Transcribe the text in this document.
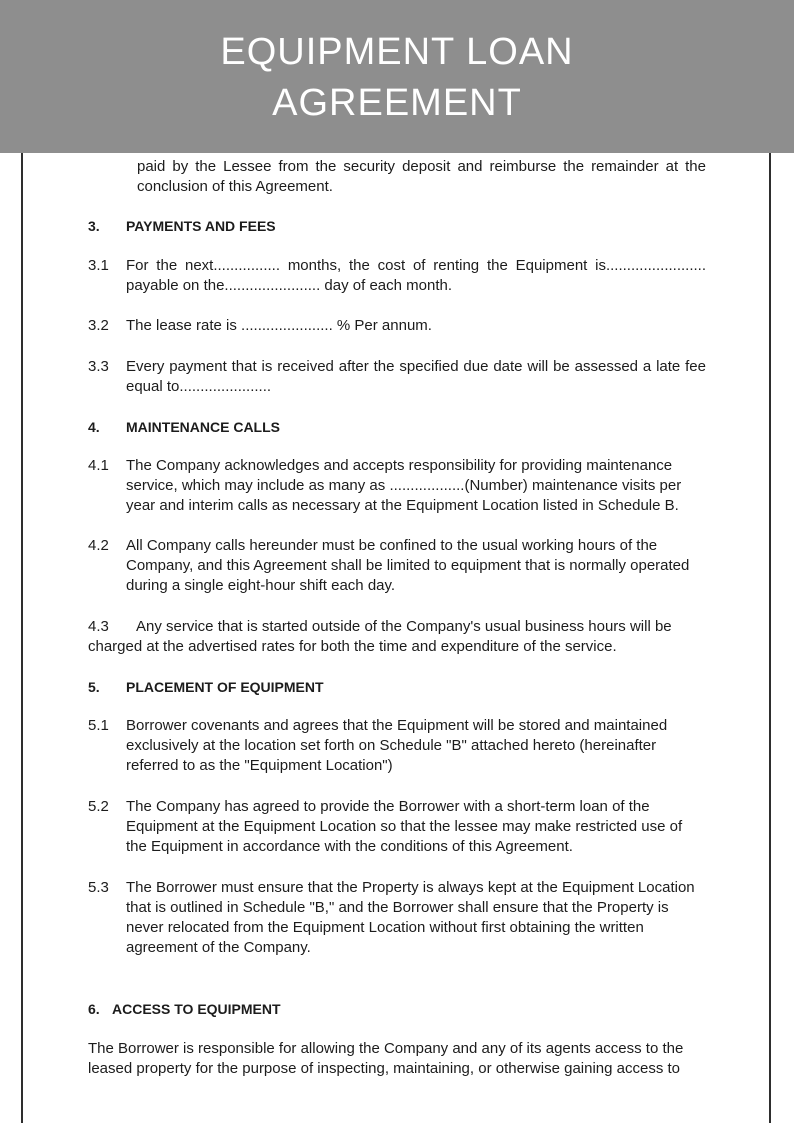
EQUIPMENT LOAN
AGREEMENT
paid by the Lessee from the security deposit and reimburse the remainder at the
conclusion of this Agreement.
3. PAYMENTS AND FEES
3.1 For the next................ months, the cost of renting the Equipment is........................
payable on the....................... day of each month.
3.2 The lease rate is ...................... % Per annum.
3.3 Every payment that is received after the specified due date will be assessed a late fee
equal to......................
4. MAINTENANCE CALLS
4.1 The Company acknowledges and accepts responsibility for providing maintenance
service, which may include as many as ..................(Number) maintenance visits per
year and interim calls as necessary at the Equipment Location listed in Schedule B.
4.2 All Company calls hereunder must be confined to the usual working hours of the
Company, and this Agreement shall be limited to equipment that is normally operated
during a single eight-hour shift each day.
4.3	Any service that is started outside of the Company's usual business hours will be
charged at the advertised rates for both the time and expenditure of the service.
5. PLACEMENT OF EQUIPMENT
5.1 Borrower covenants and agrees that the Equipment will be stored and maintained
exclusively at the location set forth on Schedule "B" attached hereto (hereinafter
referred to as the "Equipment Location")
5.2 The Company has agreed to provide the Borrower with a short-term loan of the
Equipment at the Equipment Location so that the lessee may make restricted use of
the Equipment in accordance with the conditions of this Agreement.
5.3 The Borrower must ensure that the Property is always kept at the Equipment Location
that is outlined in Schedule "B," and the Borrower shall ensure that the Property is
never relocated from the Equipment Location without first obtaining the written
agreement of the Company.
6. ACCESS TO EQUIPMENT
The Borrower is responsible for allowing the Company and any of its agents access to the
leased property for the purpose of inspecting, maintaining, or otherwise gaining access to
